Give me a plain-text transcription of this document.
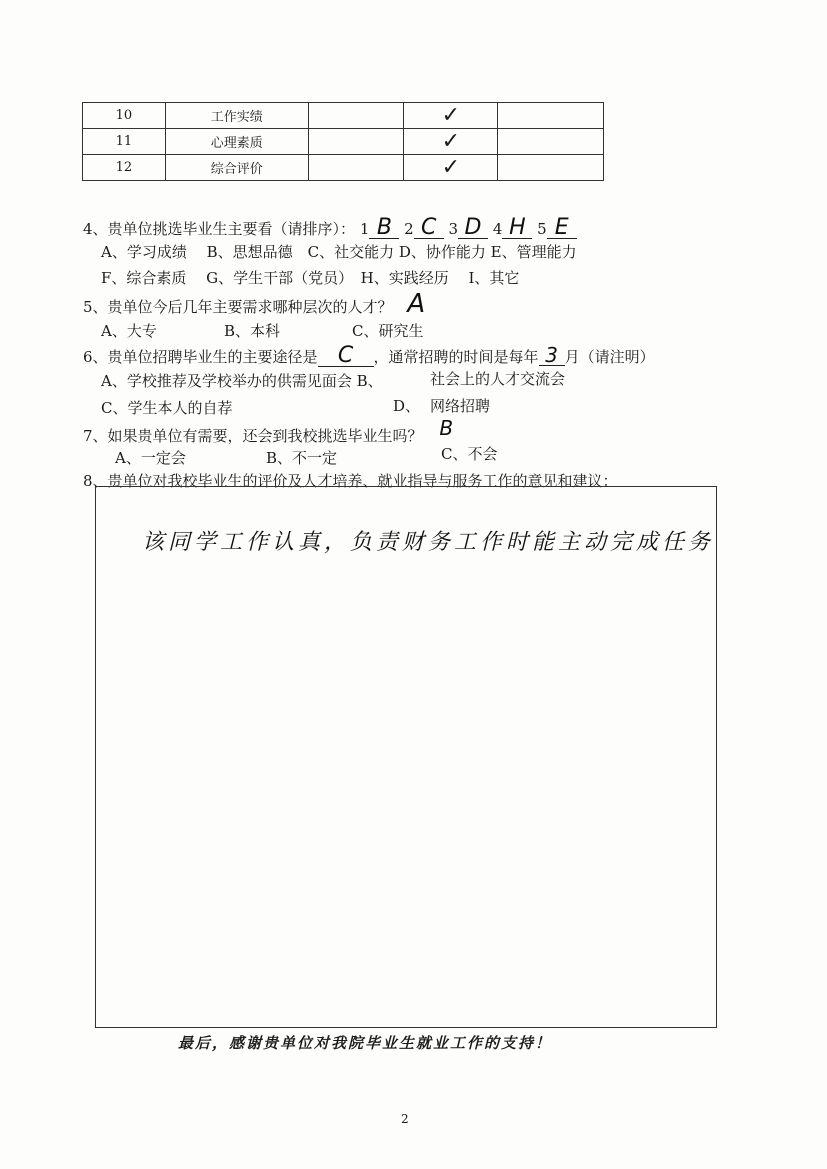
10	工作实绩		✓	
11	心理素质		✓	
12	综合评价		✓	
4、贵单位挑选毕业生主要看（请排序）： 1 B 2 C 3 D 4 H 5 E
A、学习成绩　 B、思想品德　C、社交能力 D、协作能力 E、管理能力
F、综合素质　 G、学生干部（党员）　H、实践经历　 I、其它
5、贵单位今后几年主要需求哪种层次的人才？ A
A、大专	B、本科	C、研究生
6、贵单位招聘毕业生的主要途径是 C ，通常招聘的时间是每年 3 月（请注明）
A、学校推荐及学校举办的供需见面会 B、	社会上的人才交流会
C、学生本人的自荐	D、 网络招聘
7、如果贵单位有需要，还会到我校挑选毕业生吗？ B
A、一定会	B、不一定	C、不会
8、贵单位对我校毕业生的评价及人才培养、就业指导与服务工作的意见和建议：
该同学工作认真，负责财务工作时能主动完成任务
最后，感谢贵单位对我院毕业生就业工作的支持！
2
